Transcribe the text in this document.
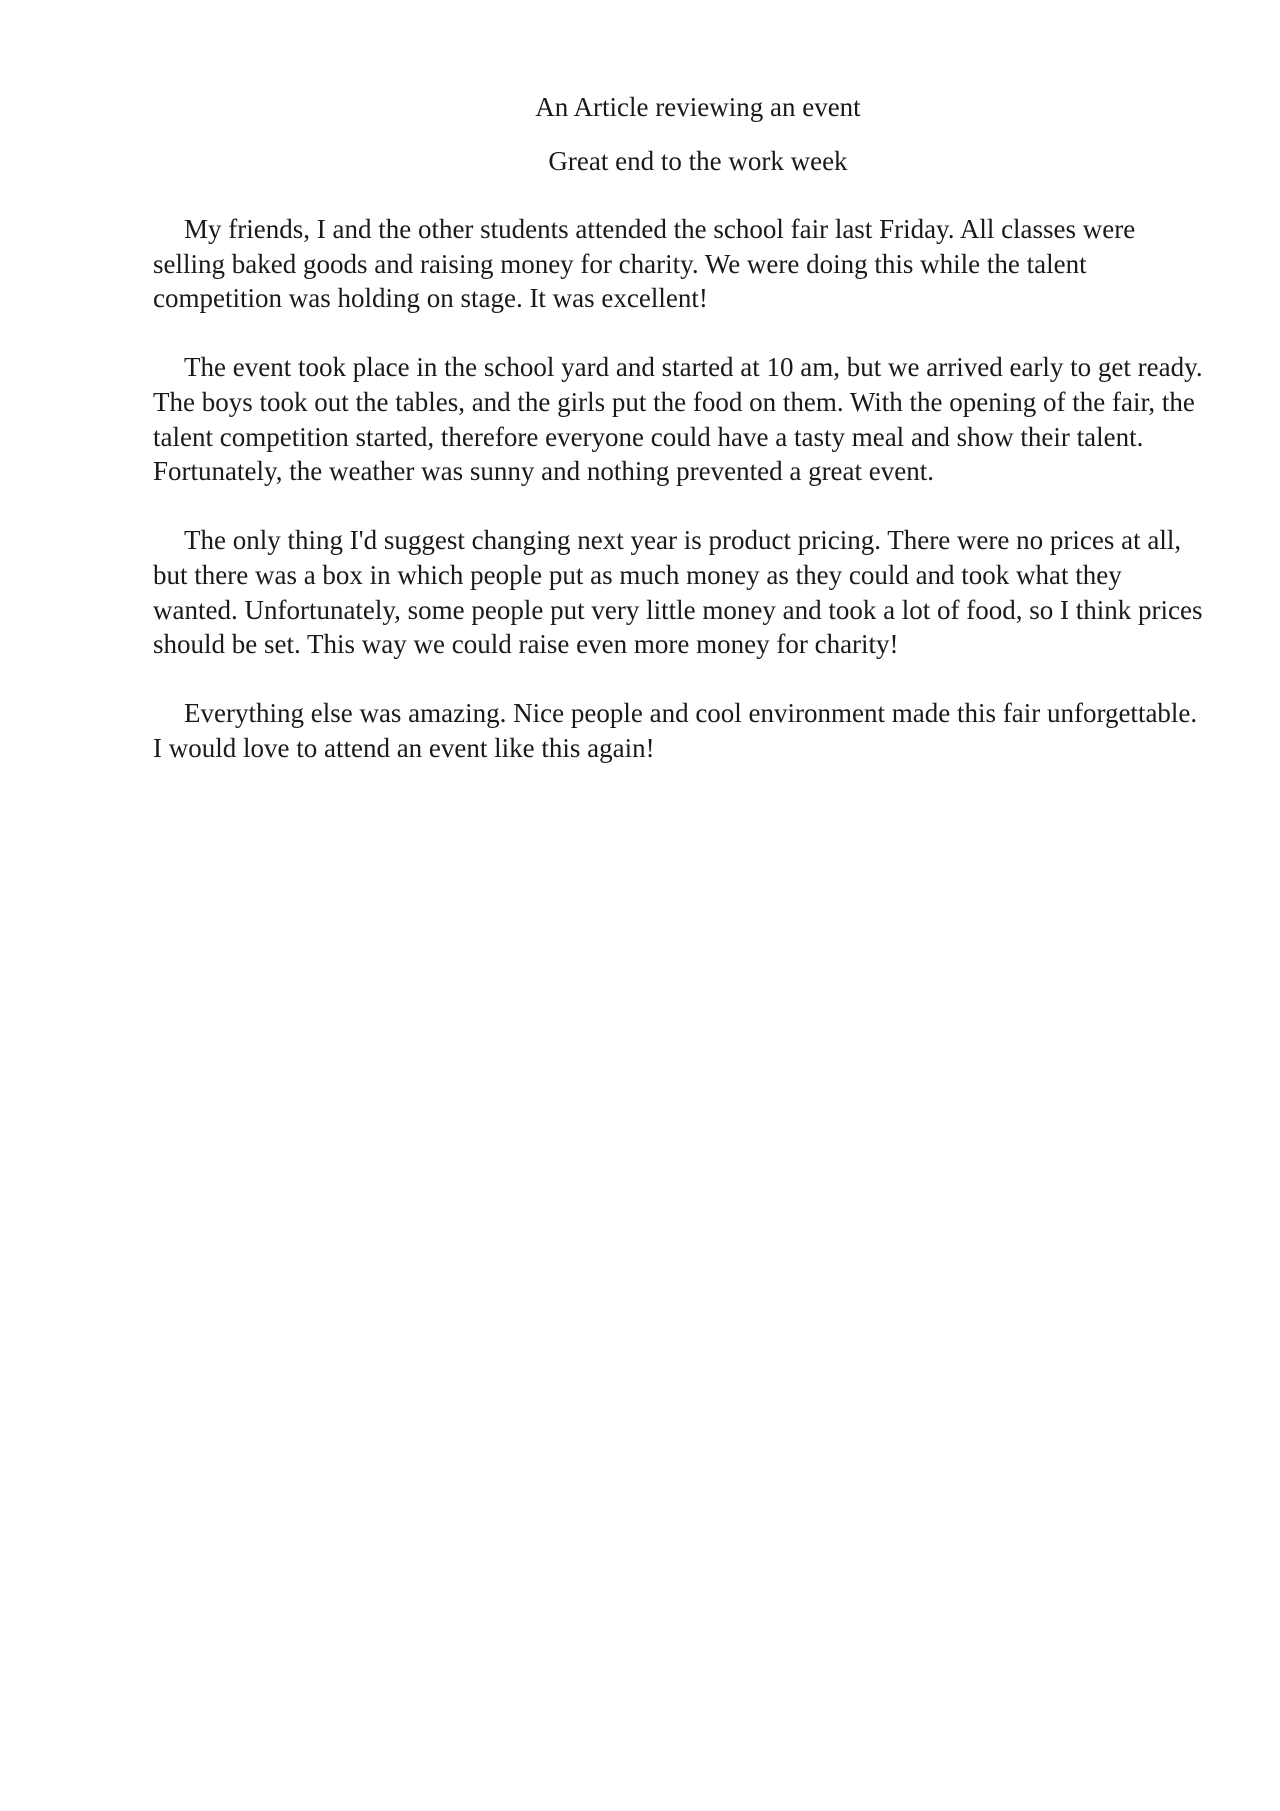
An Article reviewing an event

Great end to the work week

My friends, I and the other students attended the school fair last Friday. All classes were selling baked goods and raising money for charity. We were doing this while the talent competition was holding on stage. It was excellent!

The event took place in the school yard and started at 10 am, but we arrived early to get ready. The boys took out the tables, and the girls put the food on them. With the opening of the fair, the talent competition started, therefore everyone could have a tasty meal and show their talent. Fortunately, the weather was sunny and nothing prevented a great event.

The only thing I'd suggest changing next year is product pricing. There were no prices at all, but there was a box in which people put as much money as they could and took what they wanted. Unfortunately, some people put very little money and took a lot of food, so I think prices should be set. This way we could raise even more money for charity!

Everything else was amazing. Nice people and cool environment made this fair unforgettable. I would love to attend an event like this again!
